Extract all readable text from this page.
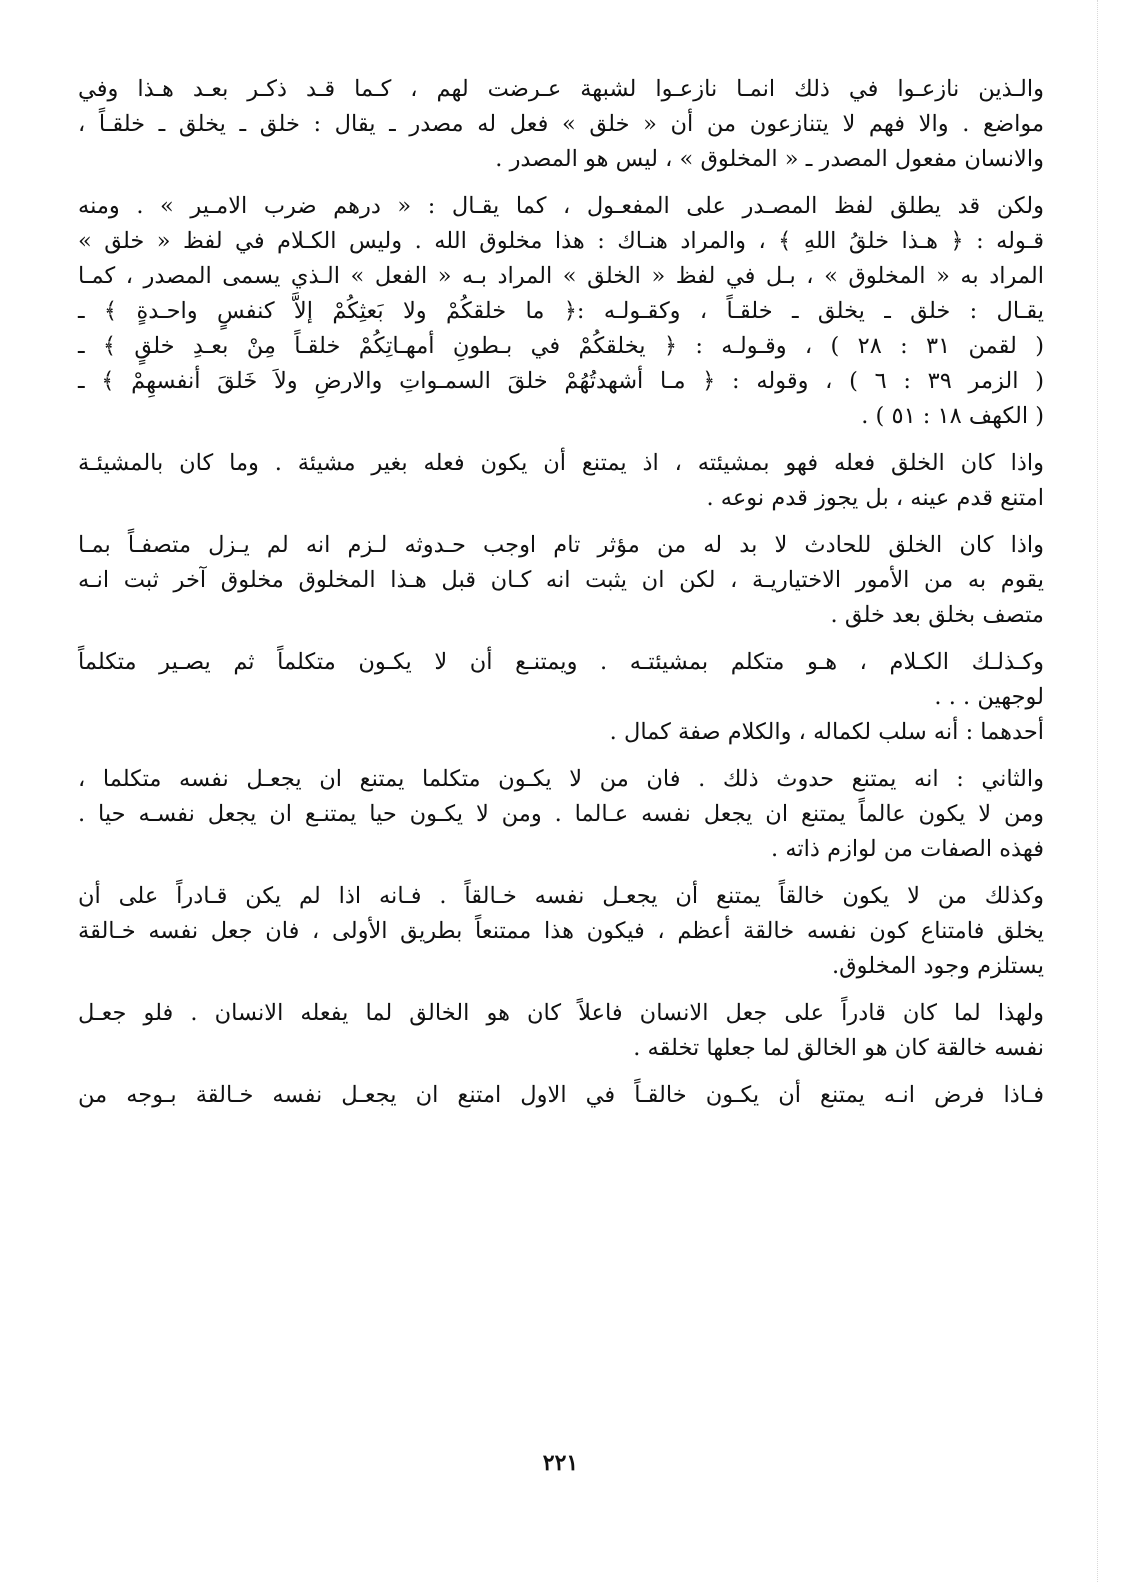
والـذين نازعـوا في ذلك انمـا نازعـوا لشبهة عـرضت لهم ، كـما قـد ذكـر بعـد هـذا وفي
مواضع . والا فهم لا يتنازعون من أن « خلق » فعل له مصدر ـ يقال : خلق ـ يخلق ـ خلقـاً ،
والانسان مفعول المصدر ـ « المخلوق » ، ليس هو المصدر .

ولكن قد يطلق لفظ المصـدر على المفعـول ، كما يقـال : « درهم ضرب الامـير » . ومنه
قـوله : ﴿ هـذا خلقُ اللهِ ﴾ ، والمراد هنـاك : هذا مخلوق الله . وليس الكـلام في لفظ « خلق »
المراد به « المخلوق » ، بـل في لفظ « الخلق » المراد بـه « الفعل » الـذي يسمى المصدر ، كمـا
يقـال : خلق ـ يخلق ـ خلقـاً ، وكقـولـه :﴿ ما خلقكُمْ ولا بَعثِكُمْ إلاَّ كنفسٍ واحـدةٍ ﴾ ـ
( لقمن ٣١ : ٢٨ ) ، وقـولـه : ﴿ يخلقكُمْ في بـطونِ أمهـاتِكُمْ خلقـاً مِنْ بعـدِ خلقٍ ﴾ ـ
( الزمر ٣٩ : ٦ ) ، وقوله : ﴿ مـا أشهدتُهُمْ خلقَ السمـواتِ والارضِ ولاَ خَلقَ أنفسهِمْ ﴾ ـ
( الكهف ١٨ : ٥١ ) .

واذا كان الخلق فعله فهو بمشيئته ، اذ يمتنع أن يكون فعله بغير مشيئة . وما كان بالمشيئـة
امتنع قدم عينه ، بل يجوز قدم نوعه .

واذا كان الخلق للحادث لا بد له من مؤثر تام اوجب حـدوثه لـزم انه لم يـزل متصفـاً بمـا
يقوم به من الأمور الاختياريـة ، لكن ان يثبت انه كـان قبل هـذا المخلوق مخلوق آخر ثبت انـه
متصف بخلق بعد خلق .

وكـذلـك الكـلام ، هـو متكلم بمشيئتـه . ويمتنـع أن لا يكـون متكلماً ثم يصـير متكلماً
لوجهين . . .

أحدهما : أنه سلب لكماله ، والكلام صفة كمال .

والثاني : انه يمتنع حدوث ذلك . فان من لا يكـون متكلما يمتنع ان يجعـل نفسه متكلما ،
ومن لا يكون عالماً يمتنع ان يجعل نفسه عـالما . ومن لا يكـون حيا يمتنـع ان يجعل نفسـه حيا .
فهذه الصفات من لوازم ذاته .

وكذلك من لا يكون خالقاً يمتنع أن يجعـل نفسه خـالقاً . فـانه اذا لم يكن قـادراً على أن
يخلق فامتناع كون نفسه خالقة أعظم ، فيكون هذا ممتنعاً بطريق الأولى ، فان جعل نفسه خـالقة
يستلزم وجود المخلوق.

ولهذا لما كان قادراً على جعل الانسان فاعلاً كان هو الخالق لما يفعله الانسان . فلو جعـل
نفسه خالقة كان هو الخالق لما جعلها تخلقه .

فـاذا فرض انـه يمتنع أن يكـون خالقـاً في الاول امتنع ان يجعـل نفسه خـالقة بـوجه من

٢٢١
